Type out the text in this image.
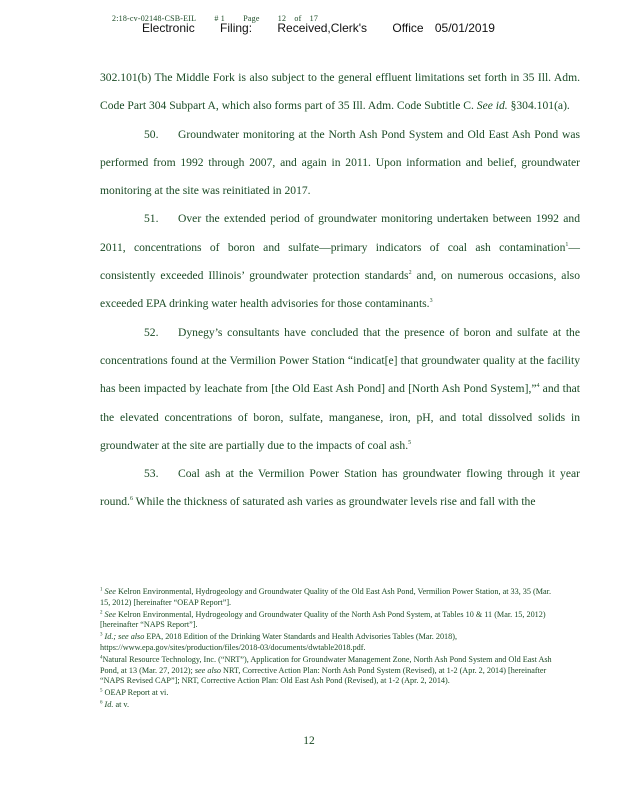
2:18-cv-02148-CSB-EIL # 1 Page 12 of 17
Electronic Filing: Received,Clerk's Office 05/01/2019

302.101(b) The Middle Fork is also subject to the general effluent limitations set forth in 35 Ill. Adm. Code Part 304 Subpart A, which also forms part of 35 Ill. Adm. Code Subtitle C. See id. §304.101(a).

50. Groundwater monitoring at the North Ash Pond System and Old East Ash Pond was performed from 1992 through 2007, and again in 2011. Upon information and belief, groundwater monitoring at the site was reinitiated in 2017.

51. Over the extended period of groundwater monitoring undertaken between 1992 and 2011, concentrations of boron and sulfate—primary indicators of coal ash contamination$^1$—consistently exceeded Illinois’ groundwater protection standards$^2$ and, on numerous occasions, also exceeded EPA drinking water health advisories for those contaminants.$^3$

52. Dynegy’s consultants have concluded that the presence of boron and sulfate at the concentrations found at the Vermilion Power Station “indicat[e] that groundwater quality at the facility has been impacted by leachate from [the Old East Ash Pond] and [North Ash Pond System],”$^4$ and that the elevated concentrations of boron, sulfate, manganese, iron, pH, and total dissolved solids in groundwater at the site are partially due to the impacts of coal ash.$^5$

53. Coal ash at the Vermilion Power Station has groundwater flowing through it year round.$^6$ While the thickness of saturated ash varies as groundwater levels rise and fall with the

$^1$ See Kelron Environmental, Hydrogeology and Groundwater Quality of the Old East Ash Pond, Vermilion Power Station, at 33, 35 (Mar. 15, 2012) [hereinafter “OEAP Report”].

$^2$ See Kelron Environmental, Hydrogeology and Groundwater Quality of the North Ash Pond System, at Tables 10 & 11 (Mar. 15, 2012) [hereinafter “NAPS Report”].

$^3$ Id.; see also EPA, 2018 Edition of the Drinking Water Standards and Health Advisories Tables (Mar. 2018), https://www.epa.gov/sites/production/files/2018-03/documents/dwtable2018.pdf.

$^4$Natural Resource Technology, Inc. (“NRT”), Application for Groundwater Management Zone, North Ash Pond System and Old East Ash Pond, at 13 (Mar. 27, 2012); see also NRT, Corrective Action Plan: North Ash Pond System (Revised), at 1-2 (Apr. 2, 2014) [hereinafter “NAPS Revised CAP”]; NRT, Corrective Action Plan: Old East Ash Pond (Revised), at 1-2 (Apr. 2, 2014).

$^5$ OEAP Report at vi.

$^6$ Id. at v.

12
